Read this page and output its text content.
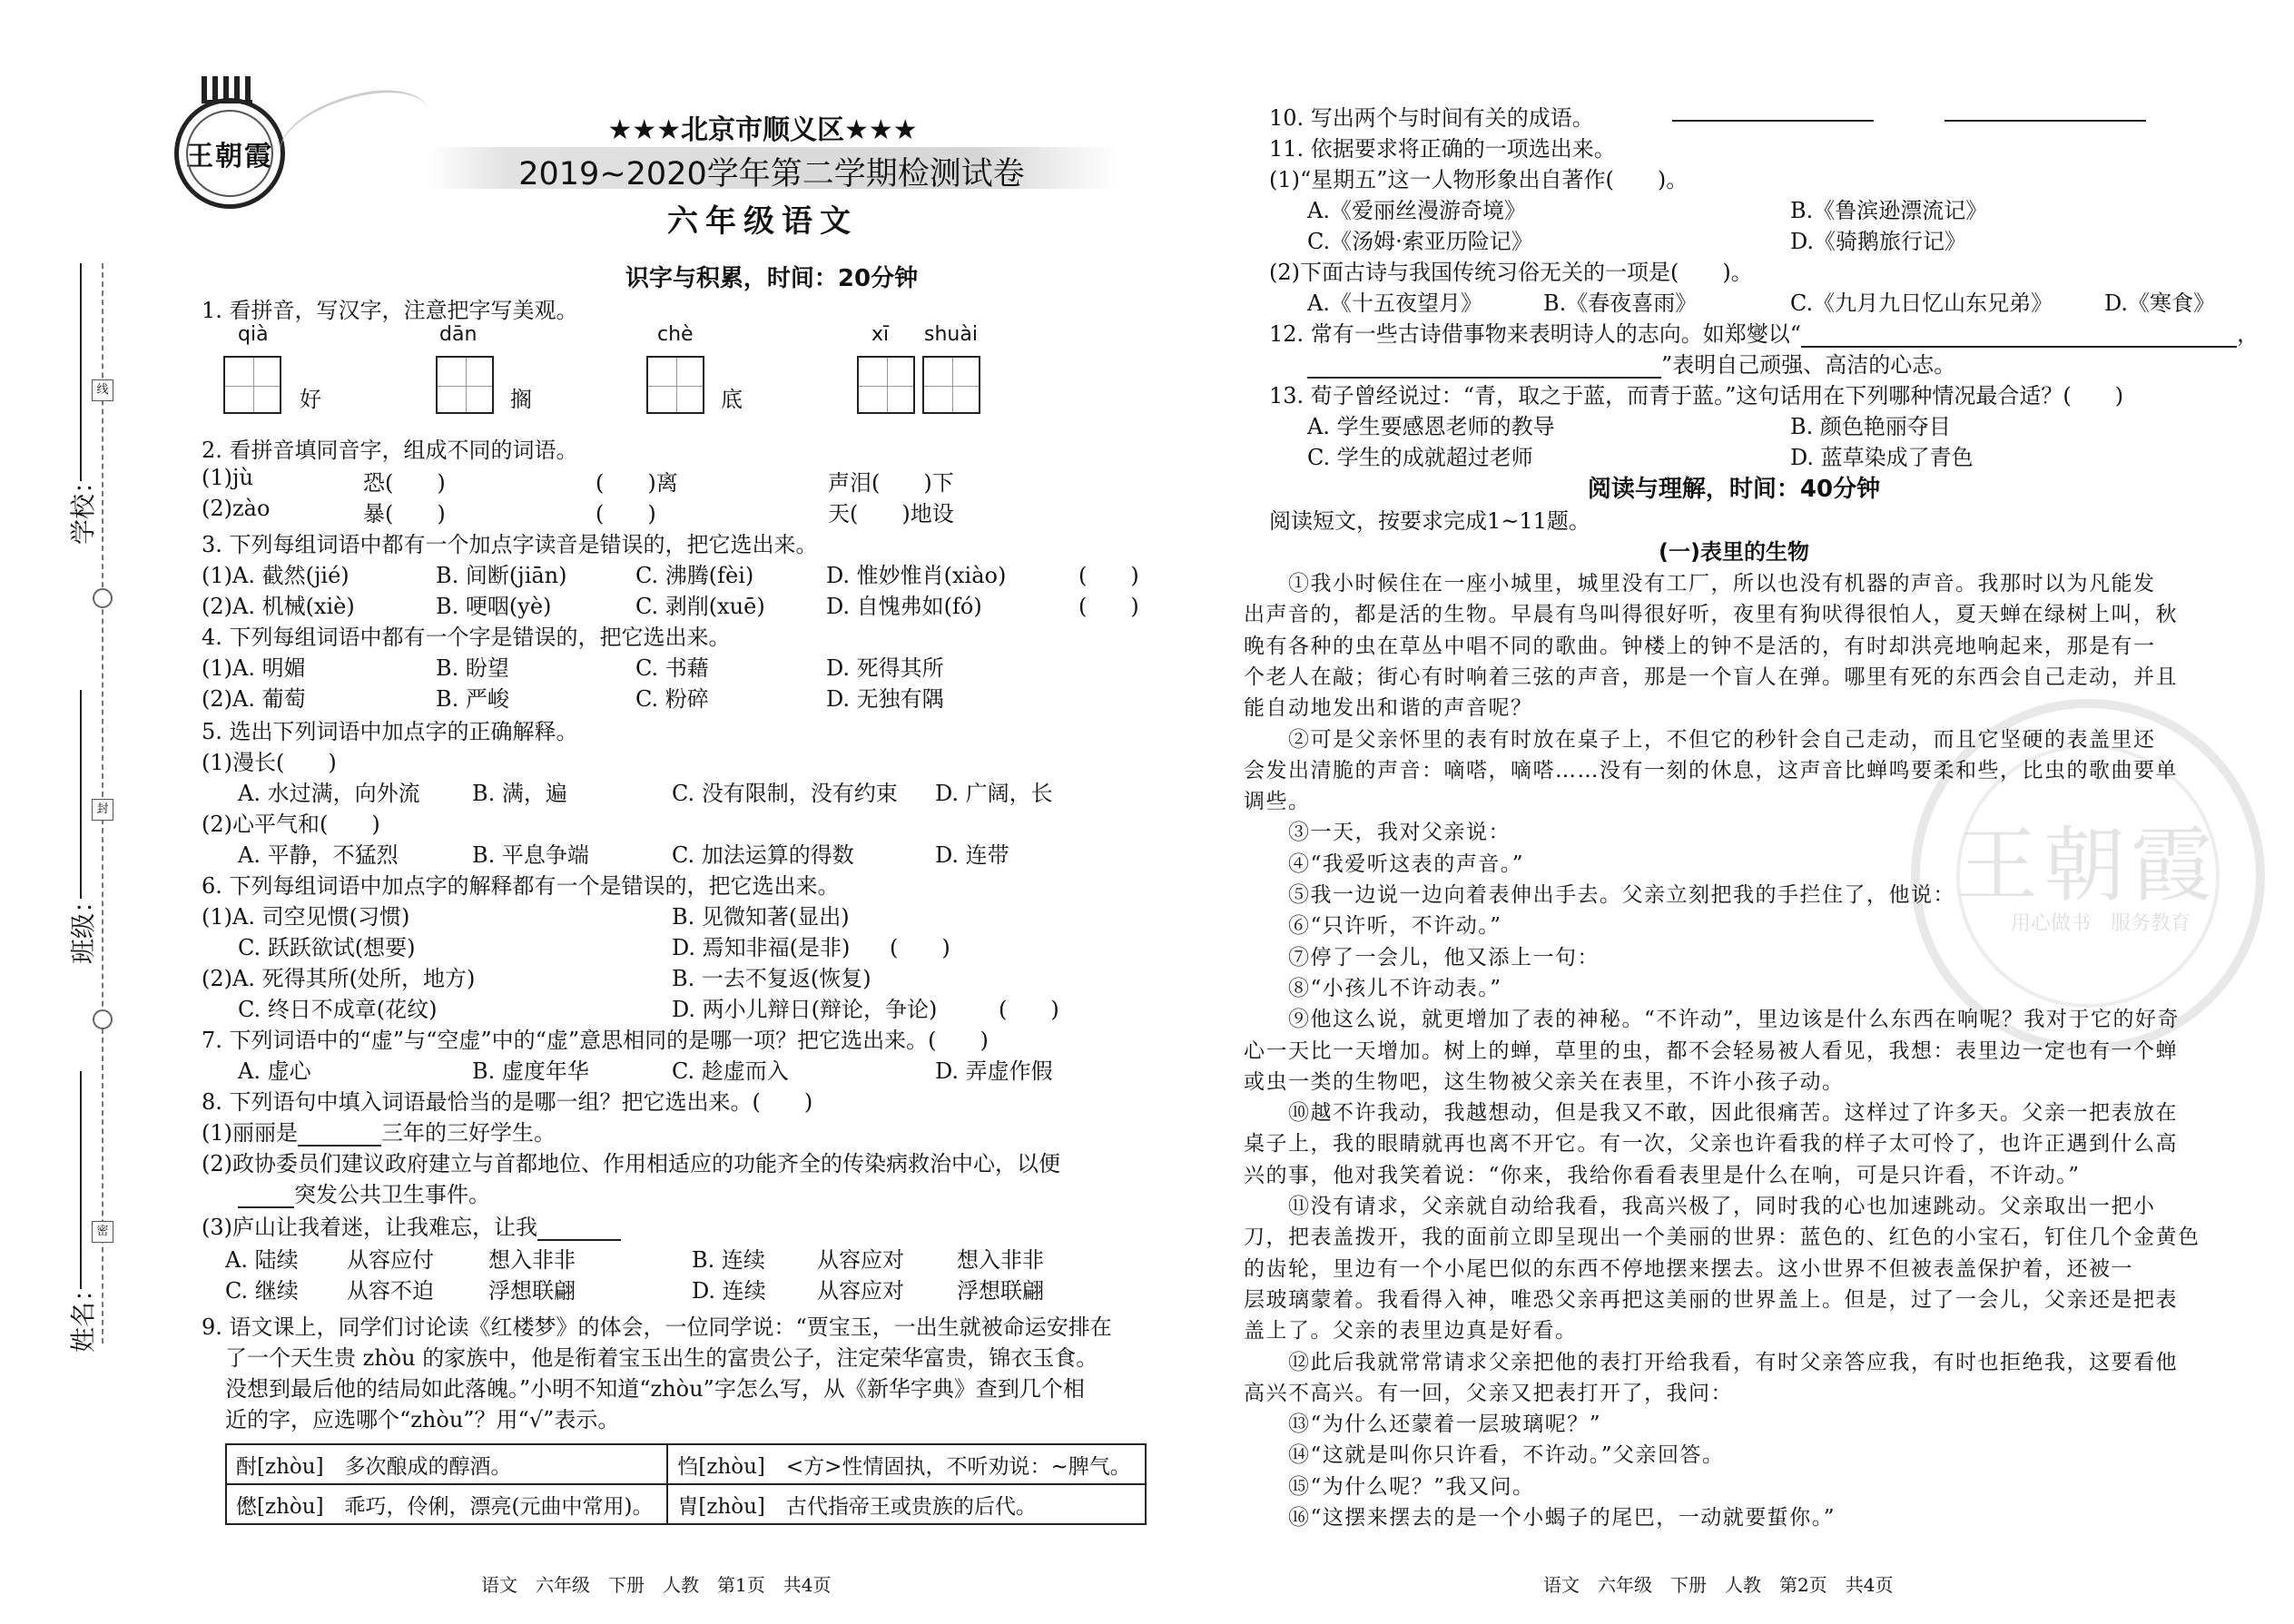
学校：
班级：
姓名：
线
封
密
王朝霞
★★★北京市顺义区★★★
2019~2020学年第二学期检测试卷
六年级语文
识字与积累，时间：20分钟
1. 看拼音，写汉字，注意把字写美观。
qià	dān	chè	xī shuài
好	搁	底
2. 看拼音填同音字，组成不同的词语。
(1)jù	恐(　　)	(　　)离	声泪(　　)下
(2)zào	暴(　　)	(　　)	天(　　)地设
3. 下列每组词语中都有一个加点字读音是错误的，把它选出来。
(1)A. 截然(jié)	B. 间断(jiān)	C. 沸腾(fèi)	D. 惟妙惟肖(xiào)	(　　)
(2)A. 机械(xiè)	B. 哽咽(yè)	C. 剥削(xuē)	D. 自愧弗如(fó)	(　　)
4. 下列每组词语中都有一个字是错误的，把它选出来。
(1)A. 明媚	B. 盼望	C. 书藉	D. 死得其所
(2)A. 葡萄	B. 严峻	C. 粉碎	D. 无独有隅
5. 选出下列词语中加点字的正确解释。
(1)漫长(　　)
A. 水过满，向外流 B. 满，遍	C. 没有限制，没有约束 D. 广阔，长
(2)心平气和(　　)
A. 平静，不猛烈	B. 平息争端	C. 加法运算的得数	D. 连带
6. 下列每组词语中加点字的解释都有一个是错误的，把它选出来。
(1)A. 司空见惯(习惯)	B. 见微知著(显出)
C. 跃跃欲试(想要)	D. 焉知非福(是非) (　　)
(2)A. 死得其所(处所，地方)	B. 一去不复返(恢复)
C. 终日不成章(花纹)	D. 两小儿辩日(辩论，争论)	(　　)
7. 下列词语中的“虚”与“空虚”中的“虚”意思相同的是哪一项？把它选出来。(　　)
A. 虚心	B. 虚度年华	C. 趁虚而入	D. 弄虚作假
8. 下列语句中填入词语最恰当的是哪一组？把它选出来。(　　)
(1)丽丽是	三年的三好学生。
(2)政协委员们建议政府建立与首都地位、作用相适应的功能齐全的传染病救治中心，以便
突发公共卫生事件。
(3)庐山让我着迷，让我难忘，让我
A. 陆续 从容应付	想入非非	B. 连续 从容应对 想入非非
C. 继续 从容不迫	浮想联翩	D. 连续 从容应对 浮想联翩
9. 语文课上，同学们讨论读《红楼梦》的体会，一位同学说：“贾宝玉，一出生就被命运安排在
了一个天生贵 zhòu 的家族中，他是衔着宝玉出生的富贵公子，注定荣华富贵，锦衣玉食。
没想到最后他的结局如此落魄。”小明不知道“zhòu”字怎么写，从《新华字典》查到几个相
近的字，应选哪个“zhòu”？用“√”表示。
酎[zhòu]　多次酿成的醇酒。	㤘[zhòu]　<方>性情固执，不听劝说：~脾气。
僽[zhòu]　乖巧，伶俐，漂亮(元曲中常用)。	胄[zhòu]　古代指帝王或贵族的后代。
语文　六年级　下册　人教　第1页　共4页
王朝霞
用心做书　服务教育
10. 写出两个与时间有关的成语。
11. 依据要求将正确的一项选出来。
(1)“星期五”这一人物形象出自著作(　　)。
A.《爱丽丝漫游奇境》	B.《鲁滨逊漂流记》
C.《汤姆·索亚历险记》	D.《骑鹅旅行记》
(2)下面古诗与我国传统习俗无关的一项是(　　)。
A.《十五夜望月》	B.《春夜喜雨》	C.《九月九日忆山东兄弟》 D.《寒食》
12. 常有一些古诗借事物来表明诗人的志向。如郑燮以“	，
”表明自己顽强、高洁的心志。
13. 荀子曾经说过：“青，取之于蓝，而青于蓝。”这句话用在下列哪种情况最合适？(　　)
A. 学生要感恩老师的教导	B. 颜色艳丽夺目
C. 学生的成就超过老师	D. 蓝草染成了青色
阅读与理解，时间：40分钟
阅读短文，按要求完成1~11题。
(一)表里的生物
　　①我小时候住在一座小城里，城里没有工厂，所以也没有机器的声音。我那时以为凡能发
出声音的，都是活的生物。早晨有鸟叫得很好听，夜里有狗吠得很怕人，夏天蝉在绿树上叫，秋
晚有各种的虫在草丛中唱不同的歌曲。钟楼上的钟不是活的，有时却洪亮地响起来，那是有一
个老人在敲；街心有时响着三弦的声音，那是一个盲人在弹。哪里有死的东西会自己走动，并且
能自动地发出和谐的声音呢？
　　②可是父亲怀里的表有时放在桌子上，不但它的秒针会自己走动，而且它坚硬的表盖里还
会发出清脆的声音：嘀嗒，嘀嗒……没有一刻的休息，这声音比蝉鸣要柔和些，比虫的歌曲要单
调些。
　　③一天，我对父亲说：
　　④“我爱听这表的声音。”
　　⑤我一边说一边向着表伸出手去。父亲立刻把我的手拦住了，他说：
　　⑥“只许听，不许动。”
　　⑦停了一会儿，他又添上一句：
　　⑧“小孩儿不许动表。”
　　⑨他这么说，就更增加了表的神秘。“不许动”，里边该是什么东西在响呢？我对于它的好奇
心一天比一天增加。树上的蝉，草里的虫，都不会轻易被人看见，我想：表里边一定也有一个蝉
或虫一类的生物吧，这生物被父亲关在表里，不许小孩子动。
　　⑩越不许我动，我越想动，但是我又不敢，因此很痛苦。这样过了许多天。父亲一把表放在
桌子上，我的眼睛就再也离不开它。有一次，父亲也许看我的样子太可怜了，也许正遇到什么高
兴的事，他对我笑着说：“你来，我给你看看表里是什么在响，可是只许看，不许动。”
　　⑪没有请求，父亲就自动给我看，我高兴极了，同时我的心也加速跳动。父亲取出一把小
刀，把表盖拨开，我的面前立即呈现出一个美丽的世界：蓝色的、红色的小宝石，钉住几个金黄色
的齿轮，里边有一个小尾巴似的东西不停地摆来摆去。这小世界不但被表盖保护着，还被一
层玻璃蒙着。我看得入神，唯恐父亲再把这美丽的世界盖上。但是，过了一会儿，父亲还是把表
盖上了。父亲的表里边真是好看。
　　⑫此后我就常常请求父亲把他的表打开给我看，有时父亲答应我，有时也拒绝我，这要看他
高兴不高兴。有一回，父亲又把表打开了，我问：
　　⑬“为什么还蒙着一层玻璃呢？”
　　⑭“这就是叫你只许看，不许动。”父亲回答。
　　⑮“为什么呢？”我又问。
　　⑯“这摆来摆去的是一个小蝎子的尾巴，一动就要蜇你。”
语文　六年级　下册　人教　第2页　共4页
